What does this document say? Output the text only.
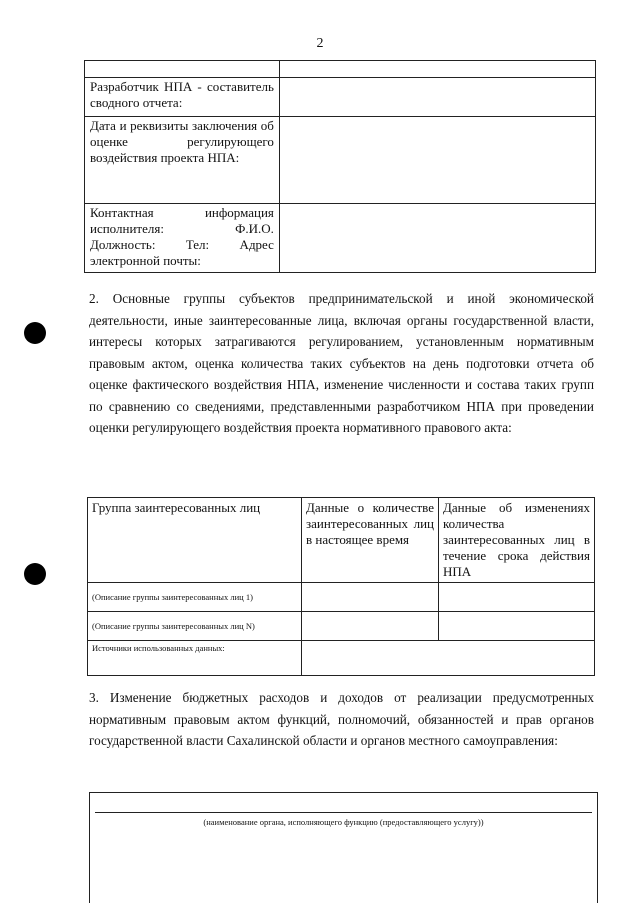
2

Разработчик НПА - составитель сводного отчета:	
Дата и реквизиты заключения об оценке регулирующего воздействия проекта НПА:	
Контактная информация исполнителя: Ф.И.О. Должность: Тел: Адрес электронной почты:	

2. Основные группы субъектов предпринимательской и иной экономической деятельности, иные заинтересованные лица, включая органы государственной власти, интересы которых затрагиваются регулированием, установленным нормативным правовым актом, оценка количества таких субъектов на день подготовки отчета об оценке фактического воздействия НПА, изменение численности и состава таких групп по сравнению со сведениями, представленными разработчиком НПА при проведении оценки регулирующего воздействия проекта нормативного правового акта:

Группа заинтересованных лиц	Данные о количестве заинтересованных лиц в настоящее время	Данные об изменениях количества заинтересованных лиц в течение срока действия НПА
(Описание группы заинтересованных лиц 1)		
(Описание группы заинтересованных лиц N)		
Источники использованных данных:		

3. Изменение бюджетных расходов и доходов от реализации предусмотренных нормативным правовым актом функций, полномочий, обязанностей и прав органов государственной власти Сахалинской области и органов местного самоуправления:

(наименование органа, исполняющего функцию (предоставляющего услугу))
